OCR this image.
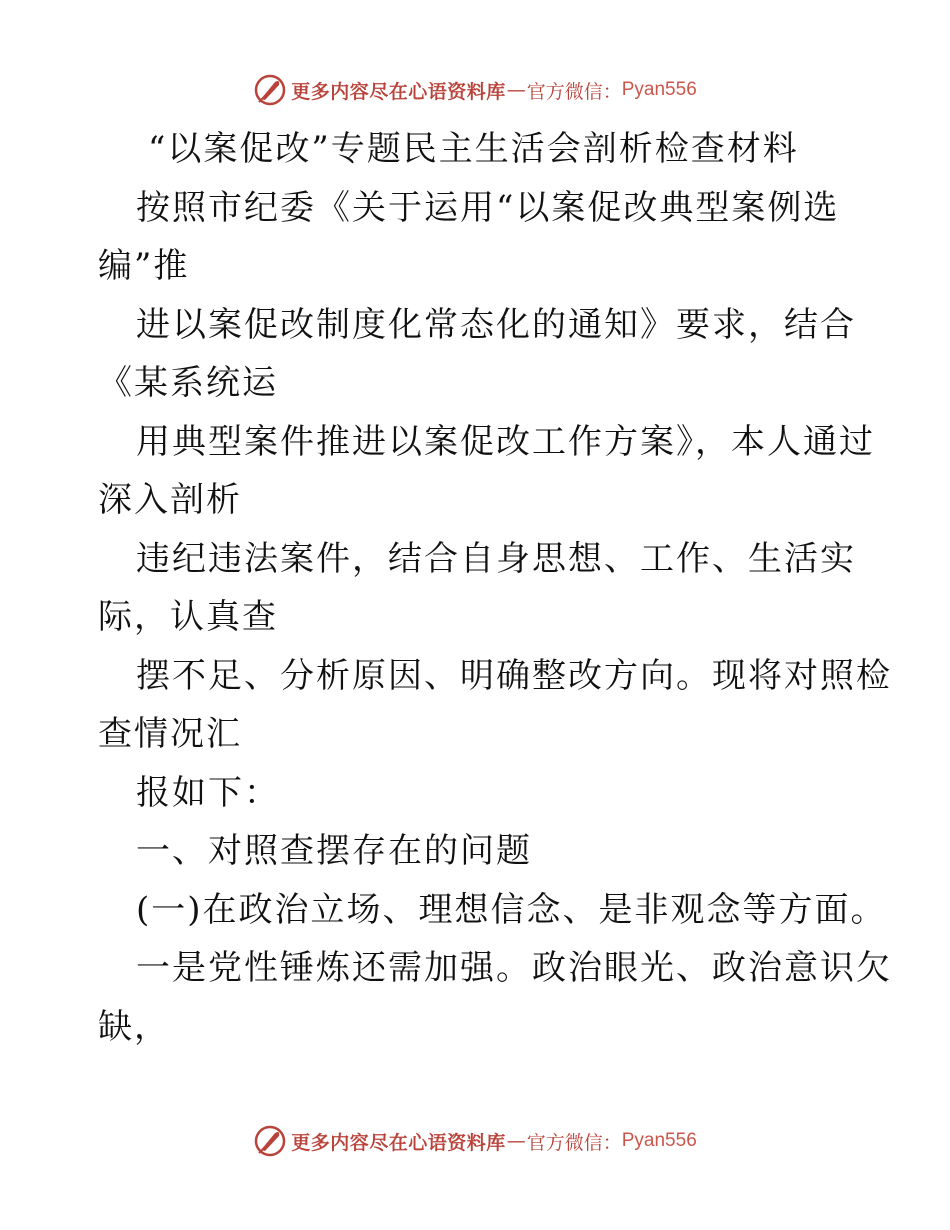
更多内容尽在心语资料库 — 官方微信： Pyan556
“以案促改”专题民主生活会剖析检查材料
按照市纪委《关于运用“以案促改典型案例选
编”推
进以案促改制度化常态化的通知》要求，结合
《某系统运
用典型案件推进以案促改工作方案》，本人通过
深入剖析
违纪违法案件，结合自身思想、工作、生活实
际，认真查
摆不足、分析原因、明确整改方向。现将对照检
查情况汇
报如下：
一、对照查摆存在的问题
(一)在政治立场、理想信念、是非观念等方面。
一是党性锤炼还需加强。政治眼光、政治意识欠
缺，
更多内容尽在心语资料库 — 官方微信： Pyan556
